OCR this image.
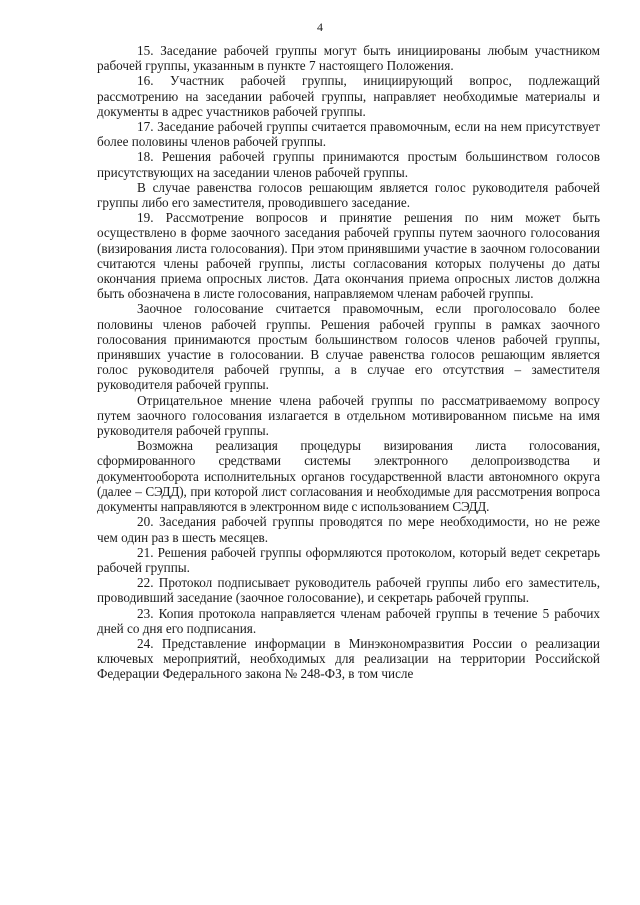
4

15. Заседание рабочей группы могут быть инициированы любым участником рабочей группы, указанным в пункте 7 настоящего Положения.

16. Участник рабочей группы, инициирующий вопрос, подлежащий рассмотрению на заседании рабочей группы, направляет необходимые материалы и документы в адрес участников рабочей группы.

17. Заседание рабочей группы считается правомочным, если на нем присутствует более половины членов рабочей группы.

18. Решения рабочей группы принимаются простым большинством голосов присутствующих на заседании членов рабочей группы.

В случае равенства голосов решающим является голос руководителя рабочей группы либо его заместителя, проводившего заседание.

19. Рассмотрение вопросов и принятие решения по ним может быть осуществлено в форме заочного заседания рабочей группы путем заочного голосования (визирования листа голосования). При этом принявшими участие в заочном голосовании считаются члены рабочей группы, листы согласования которых получены до даты окончания приема опросных листов. Дата окончания приема опросных листов должна быть обозначена в листе голосования, направляемом членам рабочей группы.

Заочное голосование считается правомочным, если проголосовало более половины членов рабочей группы. Решения рабочей группы в рамках заочного голосования принимаются простым большинством голосов членов рабочей группы, принявших участие в голосовании. В случае равенства голосов решающим является голос руководителя рабочей группы, а в случае его отсутствия – заместителя руководителя рабочей группы.

Отрицательное мнение члена рабочей группы по рассматриваемому вопросу путем заочного голосования излагается в отдельном мотивированном письме на имя руководителя рабочей группы.

Возможна реализация процедуры визирования листа голосования, сформированного средствами системы электронного делопроизводства и документооборота исполнительных органов государственной власти автономного округа (далее – СЭДД), при которой лист согласования и необходимые для рассмотрения вопроса документы направляются в электронном виде с использованием СЭДД.

20. Заседания рабочей группы проводятся по мере необходимости, но не реже чем один раз в шесть месяцев.

21. Решения рабочей группы оформляются протоколом, который ведет секретарь рабочей группы.

22. Протокол подписывает руководитель рабочей группы либо его заместитель, проводивший заседание (заочное голосование), и секретарь рабочей группы.

23. Копия протокола направляется членам рабочей группы в течение 5 рабочих дней со дня его подписания.

24. Представление информации в Минэкономразвития России о реализации ключевых мероприятий, необходимых для реализации на территории Российской Федерации Федерального закона № 248-ФЗ, в том числе
